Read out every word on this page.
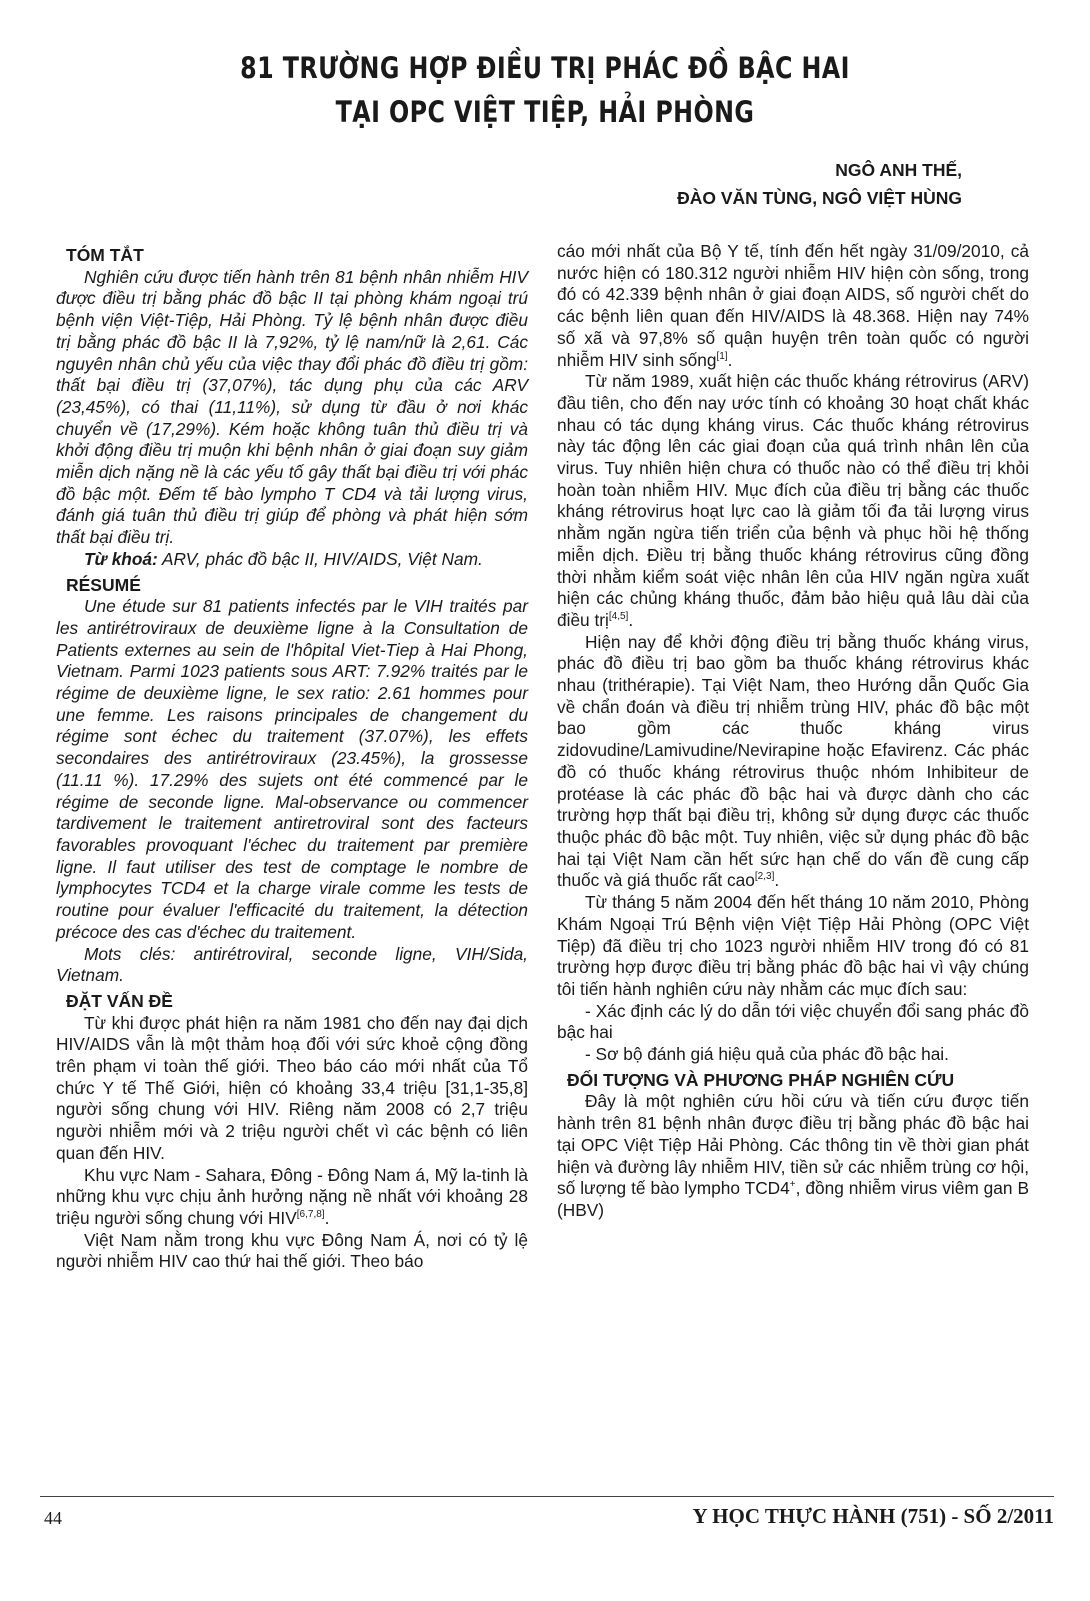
81 TRƯỜNG HỢP ĐIỀU TRỊ PHÁC ĐỒ BẬC HAI
TẠI OPC VIỆT TIỆP, HẢI PHÒNG
NGÔ ANH THẾ,
ĐÀO VĂN TÙNG, NGÔ VIỆT HÙNG
TÓM TẮT

Nghiên cứu được tiến hành trên 81 bệnh nhân nhiễm HIV được điều trị bằng phác đồ bậc II tại phòng khám ngoại trú bệnh viện Việt-Tiệp, Hải Phòng. Tỷ lệ bệnh nhân được điều trị bằng phác đồ bậc II là 7,92%, tỷ lệ nam/nữ là 2,61. Các nguyên nhân chủ yếu của việc thay đổi phác đồ điều trị gồm: thất bại điều trị (37,07%), tác dụng phụ của các ARV (23,45%), có thai (11,11%), sử dụng từ đầu ở nơi khác chuyển về (17,29%). Kém hoặc không tuân thủ điều trị và khởi động điều trị muộn khi bệnh nhân ở giai đoạn suy giảm miễn dịch nặng nề là các yếu tố gây thất bại điều trị với phác đồ bậc một. Đếm tế bào lympho T CD4 và tải lượng virus, đánh giá tuân thủ điều trị giúp để phòng và phát hiện sớm thất bại điều trị.

Từ khoá: ARV, phác đồ bậc II, HIV/AIDS, Việt Nam.

RÉSUMÉ

Une étude sur 81 patients infectés par le VIH traités par les antirétroviraux de deuxième ligne à la Consultation de Patients externes au sein de l'hôpital Viet-Tiep à Hai Phong, Vietnam. Parmi 1023 patients sous ART: 7.92% traités par le régime de deuxième ligne, le sex ratio: 2.61 hommes pour une femme. Les raisons principales de changement du régime sont échec du traitement (37.07%), les effets secondaires des antirétroviraux (23.45%), la grossesse (11.11 %). 17.29% des sujets ont été commencé par le régime de seconde ligne. Mal-observance ou commencer tardivement le traitement antiretroviral sont des facteurs favorables provoquant l'échec du traitement par première ligne. Il faut utiliser des test de comptage le nombre de lymphocytes TCD4 et la charge virale comme les tests de routine pour évaluer l'efficacité du traitement, la détection précoce des cas d'échec du traitement.

Mots clés: antirétroviral, seconde ligne, VIH/Sida, Vietnam.

ĐẶT VẤN ĐỀ

Từ khi được phát hiện ra năm 1981 cho đến nay đại dịch HIV/AIDS vẫn là một thảm hoạ đối với sức khoẻ cộng đồng trên phạm vi toàn thế giới. Theo báo cáo mới nhất của Tổ chức Y tế Thế Giới, hiện có khoảng 33,4 triệu [31,1-35,8] người sống chung với HIV. Riêng năm 2008 có 2,7 triệu người nhiễm mới và 2 triệu người chết vì các bệnh có liên quan đến HIV.

Khu vực Nam - Sahara, Đông - Đông Nam á, Mỹ la-tinh là những khu vực chịu ảnh hưởng nặng nề nhất với khoảng 28 triệu người sống chung với HIV[6,7,8].

Việt Nam nằm trong khu vực Đông Nam Á, nơi có tỷ lệ người nhiễm HIV cao thứ hai thế giới. Theo báo

cáo mới nhất của Bộ Y tế, tính đến hết ngày 31/09/2010, cả nước hiện có 180.312 người nhiễm HIV hiện còn sống, trong đó có 42.339 bệnh nhân ở giai đoạn AIDS, số người chết do các bệnh liên quan đến HIV/AIDS là 48.368. Hiện nay 74% số xã và 97,8% số quận huyện trên toàn quốc có người nhiễm HIV sinh sống[1].

Từ năm 1989, xuất hiện các thuốc kháng rétrovirus (ARV) đầu tiên, cho đến nay ước tính có khoảng 30 hoạt chất khác nhau có tác dụng kháng virus. Các thuốc kháng rétrovirus này tác động lên các giai đoạn của quá trình nhân lên của virus. Tuy nhiên hiện chưa có thuốc nào có thể điều trị khỏi hoàn toàn nhiễm HIV. Mục đích của điều trị bằng các thuốc kháng rétrovirus hoạt lực cao là giảm tối đa tải lượng virus nhằm ngăn ngừa tiến triển của bệnh và phục hồi hệ thống miễn dịch. Điều trị bằng thuốc kháng rétrovirus cũng đồng thời nhằm kiểm soát việc nhân lên của HIV ngăn ngừa xuất hiện các chủng kháng thuốc, đảm bảo hiệu quả lâu dài của điều trị[4,5].

Hiện nay để khởi động điều trị bằng thuốc kháng virus, phác đồ điều trị bao gồm ba thuốc kháng rétrovirus khác nhau (trithérapie). Tại Việt Nam, theo Hướng dẫn Quốc Gia về chẩn đoán và điều trị nhiễm trùng HIV, phác đồ bậc một bao gồm các thuốc kháng virus zidovudine/Lamivudine/Nevirapine hoặc Efavirenz. Các phác đồ có thuốc kháng rétrovirus thuộc nhóm Inhibiteur de protéase là các phác đồ bậc hai và được dành cho các trường hợp thất bại điều trị, không sử dụng được các thuốc thuộc phác đồ bậc một. Tuy nhiên, việc sử dụng phác đồ bậc hai tại Việt Nam cần hết sức hạn chế do vấn đề cung cấp thuốc và giá thuốc rất cao[2,3].

Từ tháng 5 năm 2004 đến hết tháng 10 năm 2010, Phòng Khám Ngoại Trú Bệnh viện Việt Tiệp Hải Phòng (OPC Việt Tiệp) đã điều trị cho 1023 người nhiễm HIV trong đó có 81 trường hợp được điều trị bằng phác đồ bậc hai vì vậy chúng tôi tiến hành nghiên cứu này nhằm các mục đích sau:

- Xác định các lý do dẫn tới việc chuyển đổi sang phác đồ bậc hai

- Sơ bộ đánh giá hiệu quả của phác đồ bậc hai.

ĐỐI TƯỢNG VÀ PHƯƠNG PHÁP NGHIÊN CỨU

Đây là một nghiên cứu hồi cứu và tiến cứu được tiến hành trên 81 bệnh nhân được điều trị bằng phác đồ bậc hai tại OPC Việt Tiệp Hải Phòng. Các thông tin về thời gian phát hiện và đường lây nhiễm HIV, tiền sử các nhiễm trùng cơ hội, số lượng tế bào lympho TCD4+, đồng nhiễm virus viêm gan B (HBV)

44	Y HỌC THỰC HÀNH (751) - SỐ 2/2011
